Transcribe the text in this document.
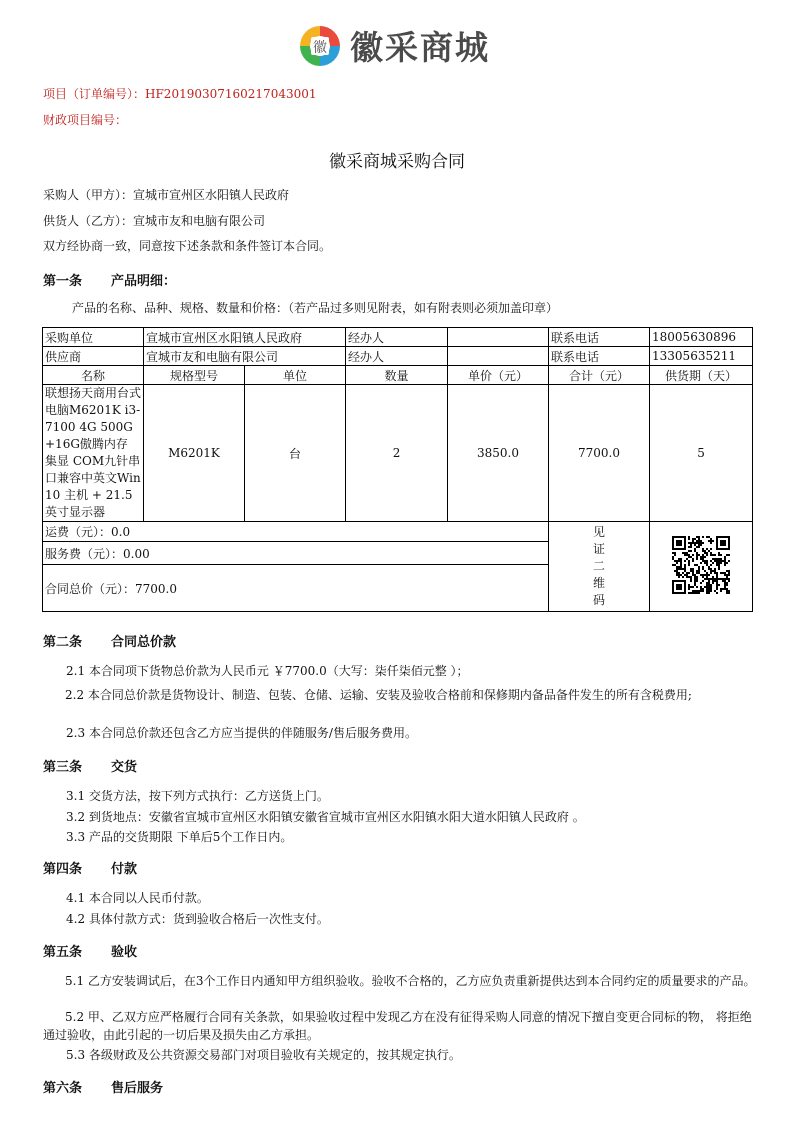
徽 徽采商城
项目（订单编号）：HF20190307160217043001
财政项目编号：
徽采商城采购合同
采购人（甲方）：宣城市宣州区水阳镇人民政府
供货人（乙方）：宣城市友和电脑有限公司
双方经协商一致，同意按下述条款和条件签订本合同。
第一条 产品明细：
产品的名称、品种、规格、数量和价格：（若产品过多则见附表，如有附表则必须加盖印章）
采购单位	宣城市宣州区水阳镇人民政府		经办人		联系电话	18005630896
供应商	宣城市友和电脑有限公司		经办人		联系电话	13305635211
名称	规格型号	单位	数量	单价（元）	合计（元）	供货期（天）
联想扬天商用台式电脑M6201K i3-7100 4G 500G+16G傲腾内存 集显 COM九针串口兼容中英文Win10 主机 + 21.5英寸显示器	M6201K	台	2	3850.0	7700.0	5
运费（元）：0.0					见
证
二
维
码

服务费（元）：0.00						
合同总价（元）：7700.0						
第二条 合同总价款
2.1 本合同项下货物总价款为人民币元 ￥7700.0（大写：柒仟柒佰元整 ）；
2.2 本合同总价款是货物设计、制造、包装、仓储、运输、安装及验收合格前和保修期内备品备件发生的所有含税费用;
2.3 本合同总价款还包含乙方应当提供的伴随服务/售后服务费用。
第三条 交货
3.1 交货方法，按下列方式执行：乙方送货上门。
3.2 到货地点：安徽省宣城市宣州区水阳镇安徽省宣城市宣州区水阳镇水阳大道水阳镇人民政府 。
3.3 产品的交货期限 下单后5个工作日内。
第四条 付款
4.1 本合同以人民币付款。
4.2 具体付款方式：货到验收合格后一次性支付。
第五条 验收
5.1 乙方安装调试后，在3个工作日内通知甲方组织验收。验收不合格的，乙方应负责重新提供达到本合同约定的质量要求的产品。
5.2 甲、乙双方应严格履行合同有关条款，如果验收过程中发现乙方在没有征得采购人同意的情况下擅自变更合同标的物， 将拒绝通过验收，由此引起的一切后果及损失由乙方承担。
5.3 各级财政及公共资源交易部门对项目验收有关规定的，按其规定执行。
第六条 售后服务
